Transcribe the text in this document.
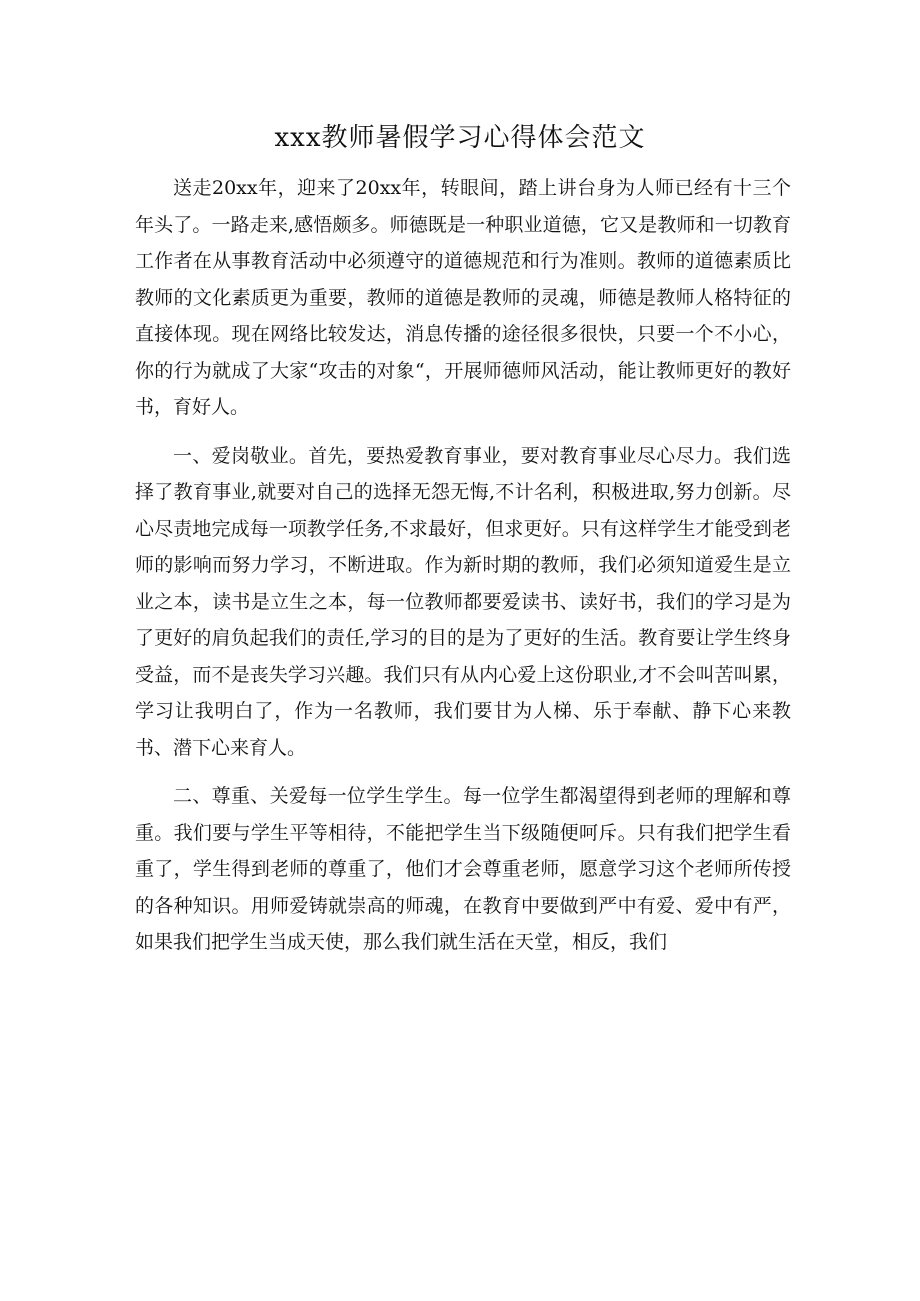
xxx教师暑假学习心得体会范文

送走20xx年，迎来了20xx年，转眼间，踏上讲台身为人师已经有十三个年头了。一路走来,感悟颇多。师德既是一种职业道德，它又是教师和一切教育工作者在从事教育活动中必须遵守的道德规范和行为准则。教师的道德素质比教师的文化素质更为重要，教师的道德是教师的灵魂，师德是教师人格特征的直接体现。现在网络比较发达，消息传播的途径很多很快，只要一个不小心，你的行为就成了大家“攻击的对象“，开展师德师风活动，能让教师更好的教好书，育好人。

一、爱岗敬业。首先，要热爱教育事业，要对教育事业尽心尽力。我们选择了教育事业,就要对自己的选择无怨无悔,不计名利，积极进取,努力创新。尽心尽责地完成每一项教学任务,不求最好，但求更好。只有这样学生才能受到老师的影响而努力学习，不断进取。作为新时期的教师，我们必须知道爱生是立业之本，读书是立生之本，每一位教师都要爱读书、读好书，我们的学习是为了更好的肩负起我们的责任,学习的目的是为了更好的生活。教育要让学生终身受益，而不是丧失学习兴趣。我们只有从内心爱上这份职业,才不会叫苦叫累，学习让我明白了，作为一名教师，我们要甘为人梯、乐于奉献、静下心来教书、潜下心来育人。

二、尊重、关爱每一位学生学生。每一位学生都渴望得到老师的理解和尊重。我们要与学生平等相待，不能把学生当下级随便呵斥。只有我们把学生看重了，学生得到老师的尊重了，他们才会尊重老师，愿意学习这个老师所传授的各种知识。用师爱铸就崇高的师魂，在教育中要做到严中有爱、爱中有严，如果我们把学生当成天使，那么我们就生活在天堂，相反，我们
